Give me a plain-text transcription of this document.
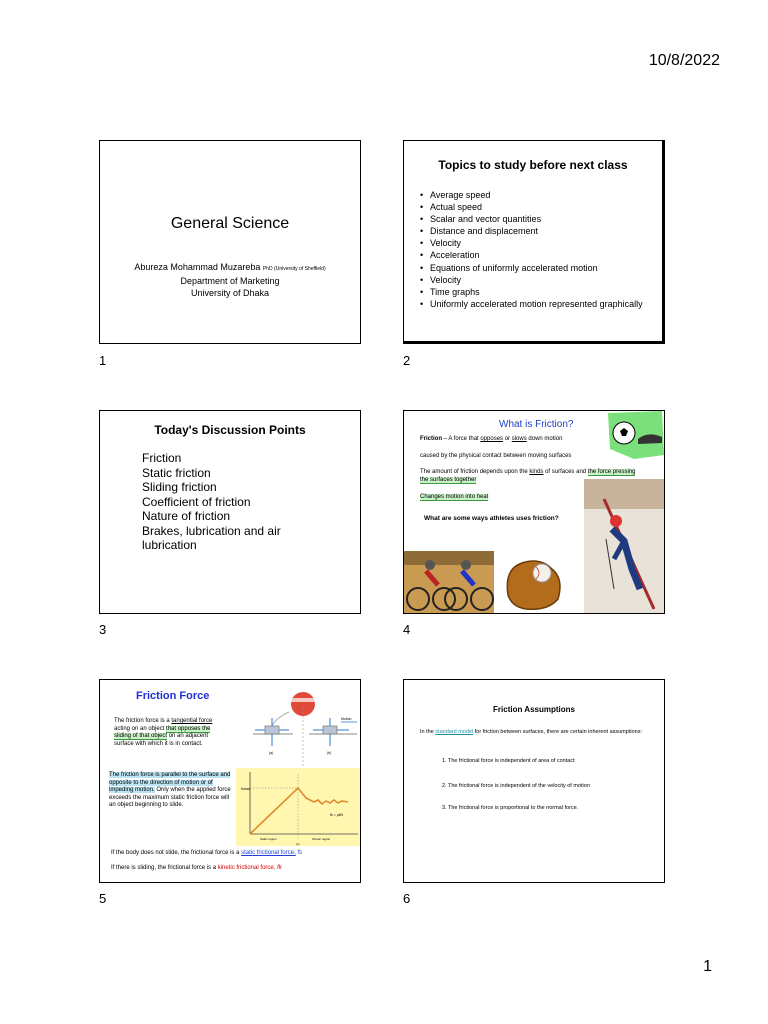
10/8/2022
General Science
Abureza Mohammad Muzareba PhD (University of Sheffield)
Department of Marketing
University of Dhaka
1
Topics to study before next class
• Average speed
• Actual speed
• Scalar and vector quantities
• Distance and displacement
• Velocity
• Acceleration
• Equations of uniformly accelerated motion
• Velocity
• Time graphs
• Uniformly accelerated motion represented graphically
2
Today's Discussion Points
Friction
Static friction
Sliding friction
Coefficient of friction
Nature of friction
Brakes, lubrication and air lubrication
3
What is Friction?
Friction – A force that opposes or slows down motion
caused by the physical contact between moving surfaces
The amount of friction depends upon the kinds of surfaces and the force pressing the surfaces together
Changes motion into heat
What are some ways athletes uses friction?
4
Friction Force
The friction force is a tangential force acting on an object that opposes the sliding of that object on an adjacent surface with which it is in contact.
The friction force is parallel to the surface and opposite to the direction of motion or of impeding motion. Only when the applied force exceeds the maximum static friction force will an object beginning to slide.
(a)	(b)
Motion
fsmax
fk = μkN
Static region	Kinetic region
(c)
If the body does not slide, the frictional force is a static frictional force, fs
If there is sliding, the frictional force is a kinetic frictional force, fk
5
Friction Assumptions
In the standard model for friction between surfaces, there are certain inherent assumptions:
1. The frictional force is independent of area of contact
2. The frictional force is independent of the velocity of motion
3. The frictional force is proportional to the normal force.
6
1
